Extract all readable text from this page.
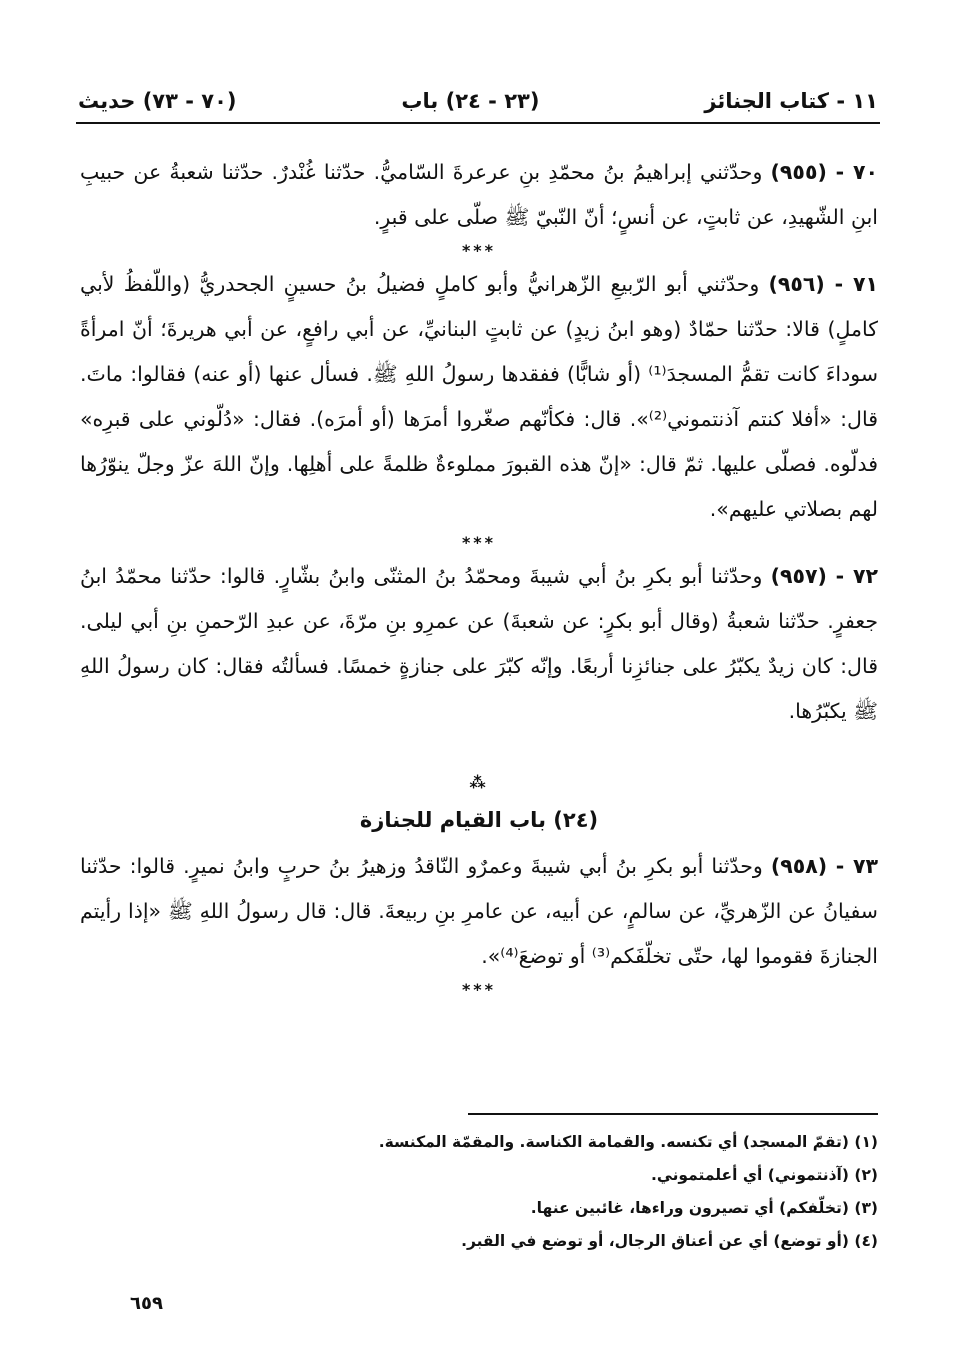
١١ - كتاب الجنائز
(٢٣ - ٢٤) باب
(٧٠ - ٧٣) حديث

٧٠ - (٩٥٥) وحدّثني إبراهيمُ بنُ محمّدِ بنِ عرعرةَ السّاميُّ. حدّثنا غُنْدرٌ. حدّثنا شعبةُ عن حبيبِ ابنِ الشّهيدِ، عن ثابتٍ، عن أنسٍ؛ أنّ النّبيّ ﷺ صلّى على قبرٍ.

***

٧١ - (٩٥٦) وحدّثني أبو الرّبيعِ الزّهرانيُّ وأبو كاملٍ فضيلُ بنُ حسينٍ الجحدريُّ (واللّفظُ لأبي كاملٍ) قالا: حدّثنا حمّادٌ (وهو ابنُ زيدٍ) عن ثابتٍ البنانيِّ، عن أبي رافعٍ، عن أبي هريرةَ؛ أنّ امرأةً سوداءَ كانت تقمُّ المسجدَ⁽¹⁾ (أو شابًّا) ففقدها رسولُ اللهِ ﷺ. فسأل عنها (أو عنه) فقالوا: ماتَ. قال: «أفلا كنتم آذنتموني⁽²⁾». قال: فكأنّهم صغّروا أمرَها (أو أمرَه). فقال: «دُلّوني على قبرِه» فدلّوه. فصلّى عليها. ثمّ قال: «إنّ هذه القبورَ مملوءةٌ ظلمةً على أهلِها. وإنّ اللهَ عزّ وجلّ ينوّرُها لهم بصلاتي عليهم».

***

٧٢ - (٩٥٧) وحدّثنا أبو بكرِ بنُ أبي شيبةَ ومحمّدُ بنُ المثنّى وابنُ بشّارٍ. قالوا: حدّثنا محمّدُ ابنُ جعفرٍ. حدّثنا شعبةُ (وقال أبو بكرٍ: عن شعبةَ) عن عمرِو بنِ مرّةَ، عن عبدِ الرّحمنِ بنِ أبي ليلى. قال: كان زيدٌ يكبّرُ على جنائزِنا أربعًا. وإنّه كبّرَ على جنازةٍ خمسًا. فسألتُه فقال: كان رسولُ اللهِ ﷺ يكبّرُها.

⁂
(٢٤) باب القيام للجنازة

٧٣ - (٩٥٨) وحدّثنا أبو بكرِ بنُ أبي شيبةَ وعمرٌو النّاقدُ وزهيرُ بنُ حربٍ وابنُ نميرٍ. قالوا: حدّثنا سفيانُ عن الزّهريِّ، عن سالمٍ، عن أبيه، عن عامرِ بنِ ربيعةَ. قال: قال رسولُ اللهِ ﷺ «إذا رأيتم الجنازةَ فقوموا لها، حتّى تخلّفَكم⁽³⁾ أو توضعَ⁽⁴⁾».

***
(١) (تقمّ المسجد) أي تكنسه. والقمامة الكناسة. والمقمّة المكنسة.
(٢) (آذنتموني) أي أعلمتموني.
(٣) (تخلّفكم) أي تصيرون وراءها، غائبين عنها.
(٤) (أو توضع) أي عن أعناق الرجال، أو توضع في القبر.
٦٥٩
